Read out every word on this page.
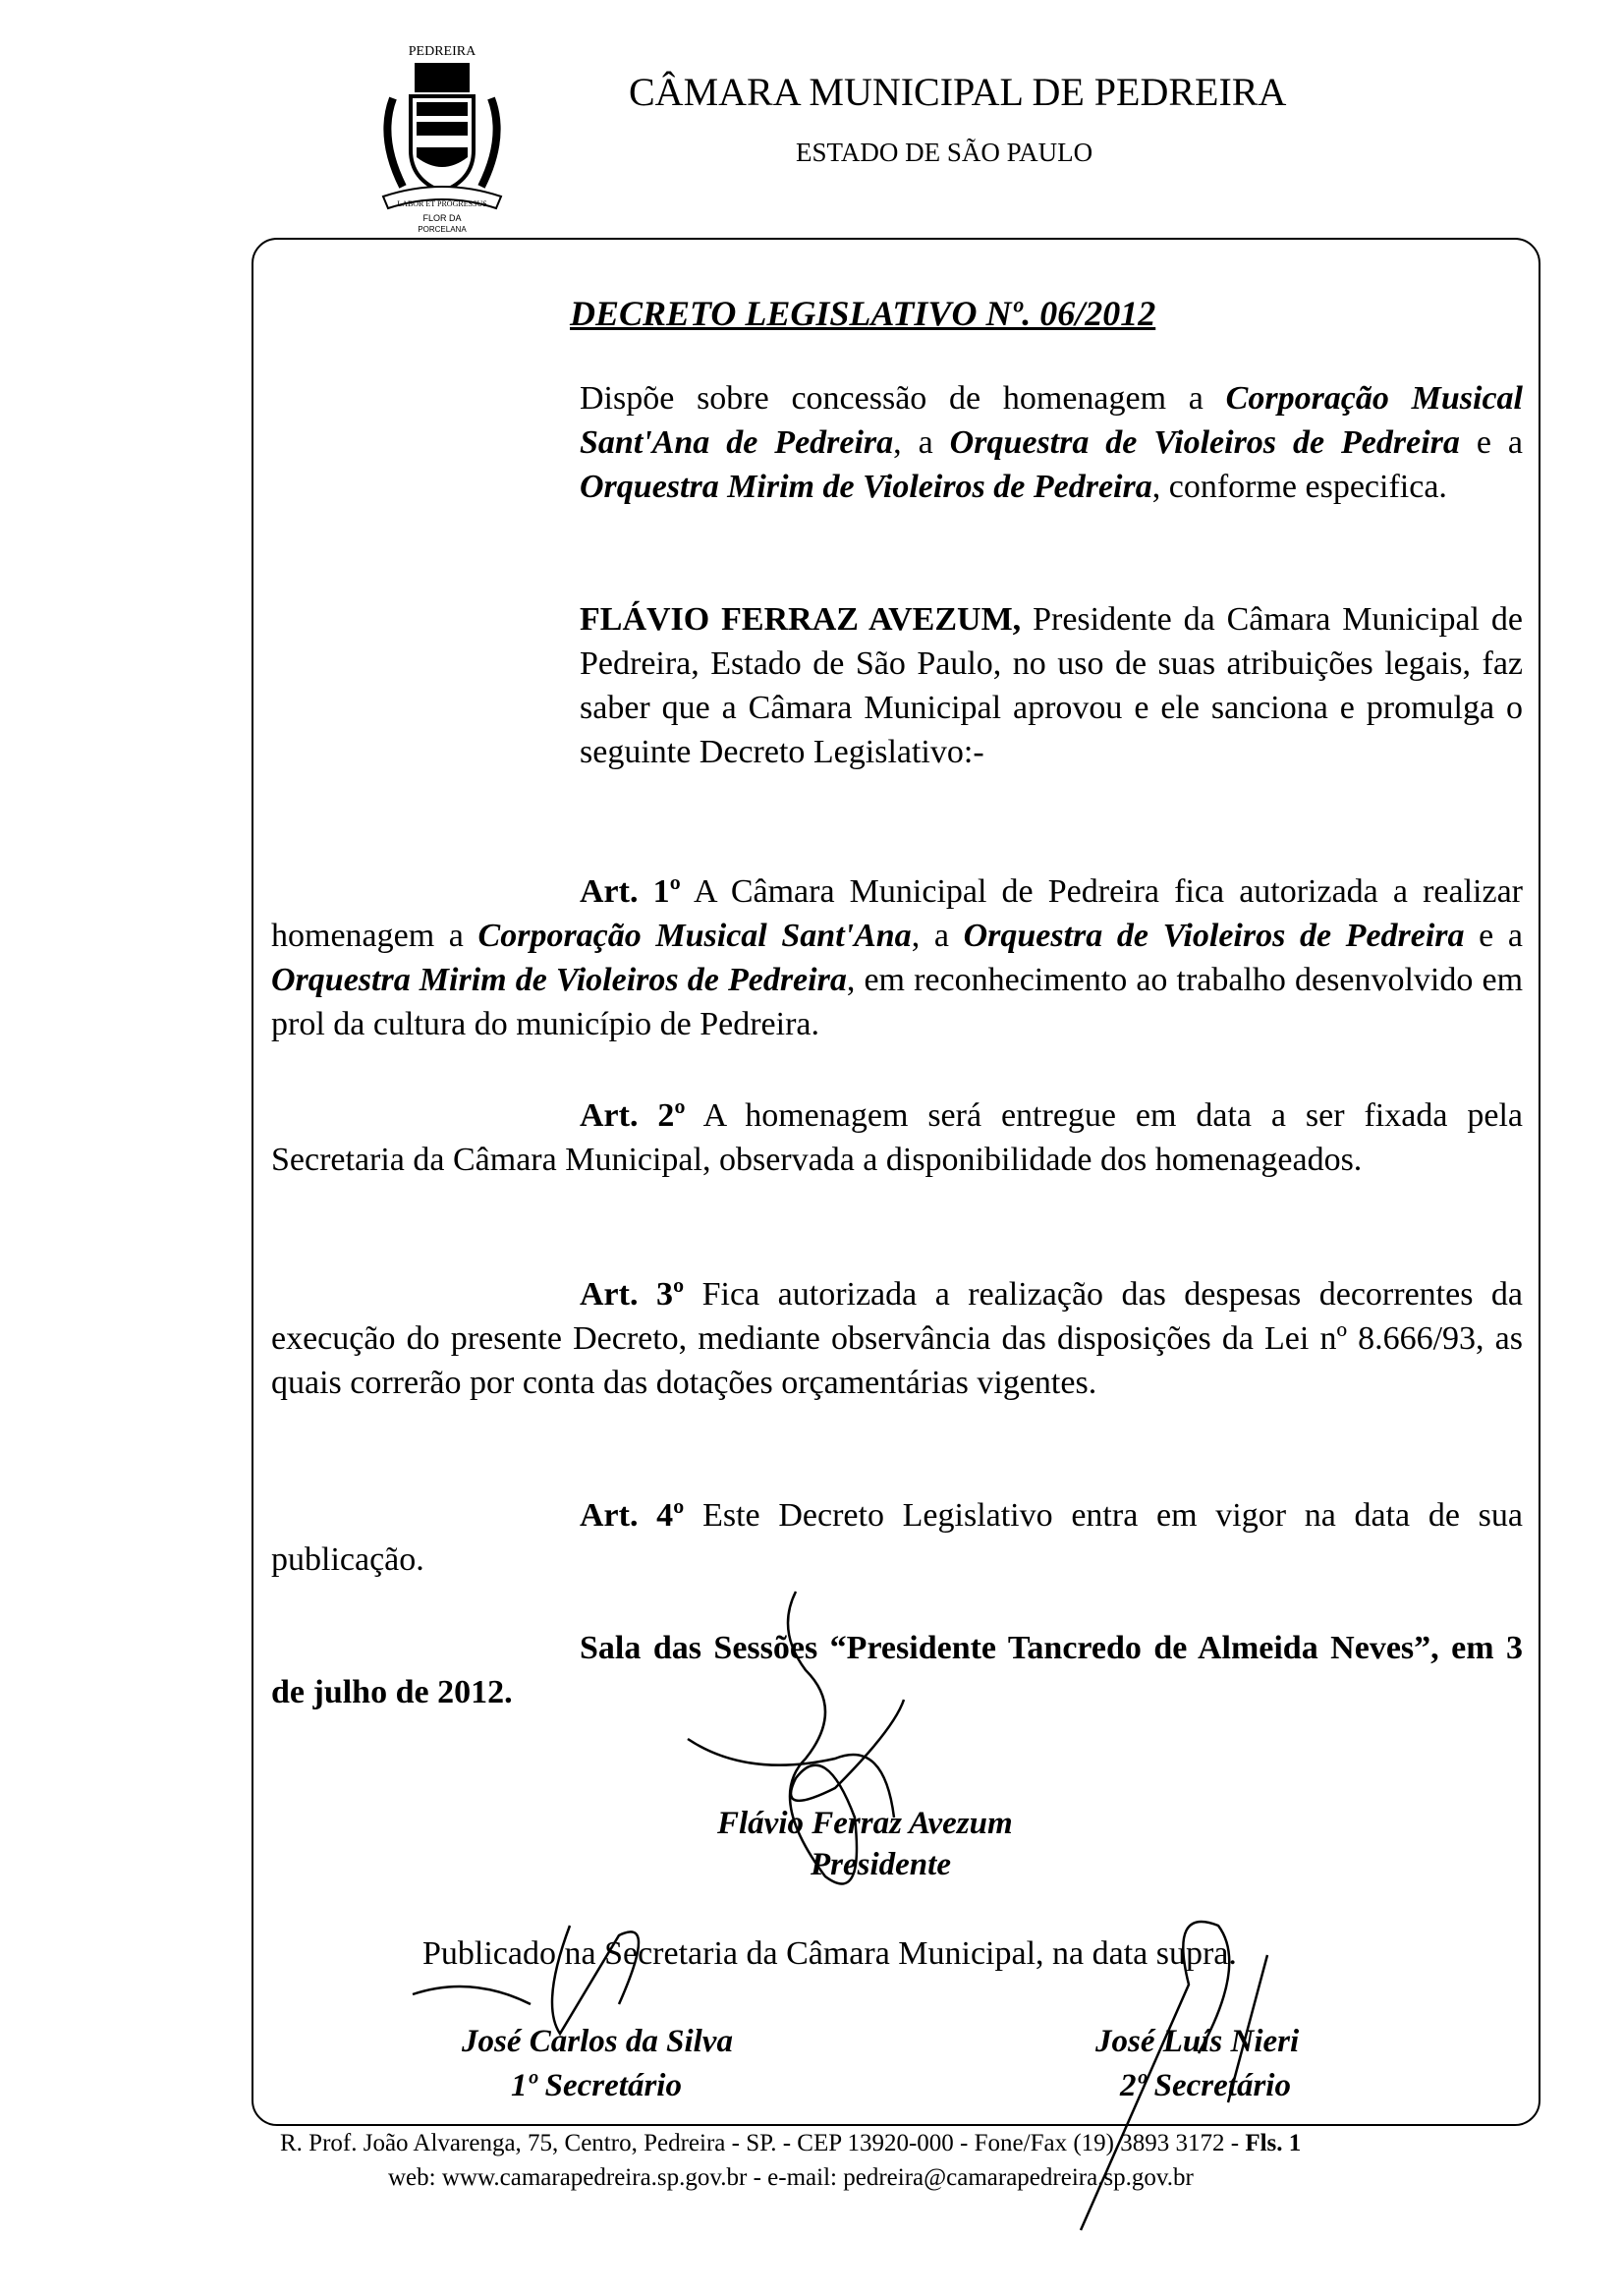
PEDREIRA
LABOR ET PROGRESSUS
FLOR DA
PORCELANA
CÂMARA MUNICIPAL DE PEDREIRA
ESTADO DE SÃO PAULO
DECRETO LEGISLATIVO Nº. 06/2012
Dispõe sobre concessão de homenagem a Corporação Musical Sant'Ana de Pedreira, a Orquestra de Violeiros de Pedreira e a Orquestra Mirim de Violeiros de Pedreira, conforme especifica.
FLÁVIO FERRAZ AVEZUM, Presidente da Câmara Municipal de Pedreira, Estado de São Paulo, no uso de suas atribuições legais, faz saber que a Câmara Municipal aprovou e ele sanciona e promulga o seguinte Decreto Legislativo:-
Art. 1º A Câmara Municipal de Pedreira fica autorizada a realizar homenagem a Corporação Musical Sant'Ana, a Orquestra de Violeiros de Pedreira e a Orquestra Mirim de Violeiros de Pedreira, em reconhecimento ao trabalho desenvolvido em prol da cultura do município de Pedreira.
Art. 2º A homenagem será entregue em data a ser fixada pela Secretaria da Câmara Municipal, observada a disponibilidade dos homenageados.
Art. 3º Fica autorizada a realização das despesas decorrentes da execução do presente Decreto, mediante observância das disposições da Lei nº 8.666/93, as quais correrão por conta das dotações orçamentárias vigentes.
Art. 4º Este Decreto Legislativo entra em vigor na data de sua publicação.
Sala das Sessões “Presidente Tancredo de Almeida Neves”, em 3 de julho de 2012.
Flávio Ferraz Avezum
Presidente
Publicado na Secretaria da Câmara Municipal, na data supra.
José Carlos da Silva
1º Secretário
José Luís Nieri
2º Secretário
R. Prof. João Alvarenga, 75, Centro, Pedreira - SP. - CEP 13920-000 - Fone/Fax (19) 3893 3172 - Fls. 1
web: www.camarapedreira.sp.gov.br - e-mail: pedreira@camarapedreira.sp.gov.br
